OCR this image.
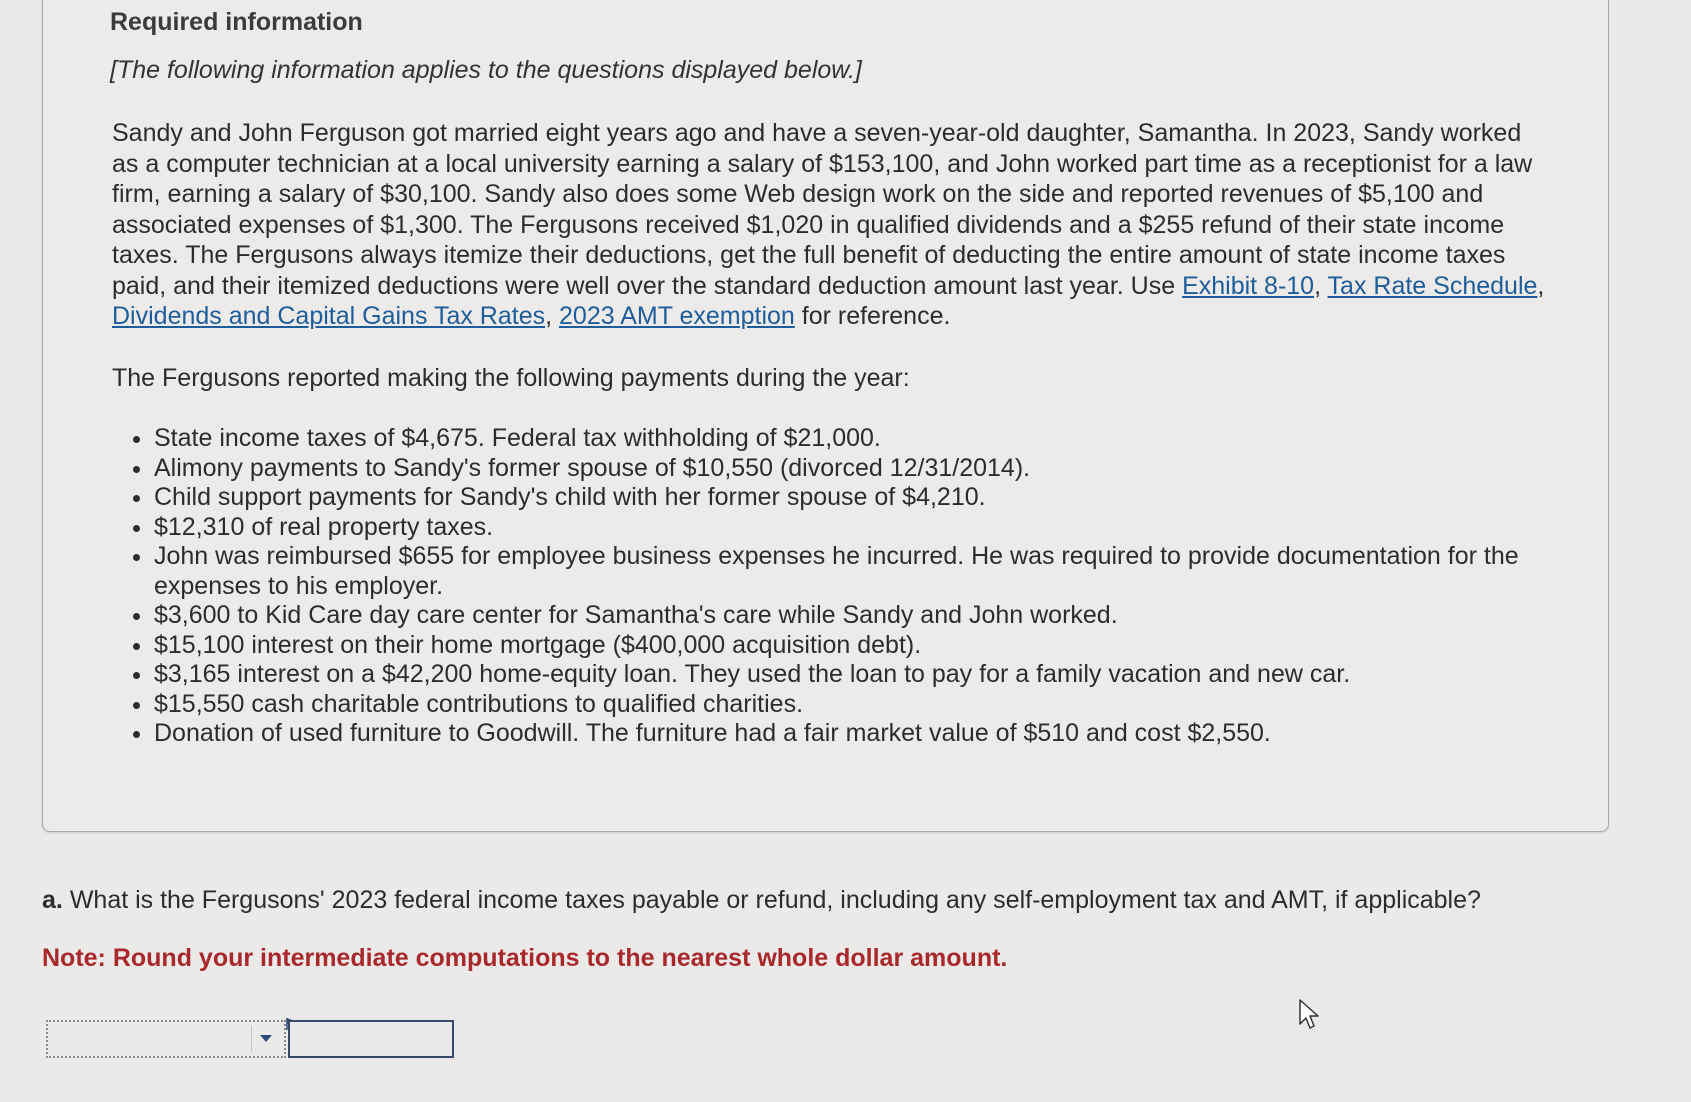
Required information
[The following information applies to the questions displayed below.]
Sandy and John Ferguson got married eight years ago and have a seven-year-old daughter, Samantha. In 2023, Sandy worked as a computer technician at a local university earning a salary of $153,100, and John worked part time as a receptionist for a law firm, earning a salary of $30,100. Sandy also does some Web design work on the side and reported revenues of $5,100 and associated expenses of $1,300. The Fergusons received $1,020 in qualified dividends and a $255 refund of their state income taxes. The Fergusons always itemize their deductions, get the full benefit of deducting the entire amount of state income taxes paid, and their itemized deductions were well over the standard deduction amount last year. Use Exhibit 8-10, Tax Rate Schedule, Dividends and Capital Gains Tax Rates, 2023 AMT exemption for reference.
The Fergusons reported making the following payments during the year:
• State income taxes of $4,675. Federal tax withholding of $21,000.
• Alimony payments to Sandy's former spouse of $10,550 (divorced 12/31/2014).
• Child support payments for Sandy's child with her former spouse of $4,210.
• $12,310 of real property taxes.
• John was reimbursed $655 for employee business expenses he incurred. He was required to provide documentation for the expenses to his employer.
• $3,600 to Kid Care day care center for Samantha's care while Sandy and John worked.
• $15,100 interest on their home mortgage ($400,000 acquisition debt).
• $3,165 interest on a $42,200 home-equity loan. They used the loan to pay for a family vacation and new car.
• $15,550 cash charitable contributions to qualified charities.
• Donation of used furniture to Goodwill. The furniture had a fair market value of $510 and cost $2,550.
a. What is the Fergusons' 2023 federal income taxes payable or refund, including any self-employment tax and AMT, if applicable?
Note: Round your intermediate computations to the nearest whole dollar amount.
